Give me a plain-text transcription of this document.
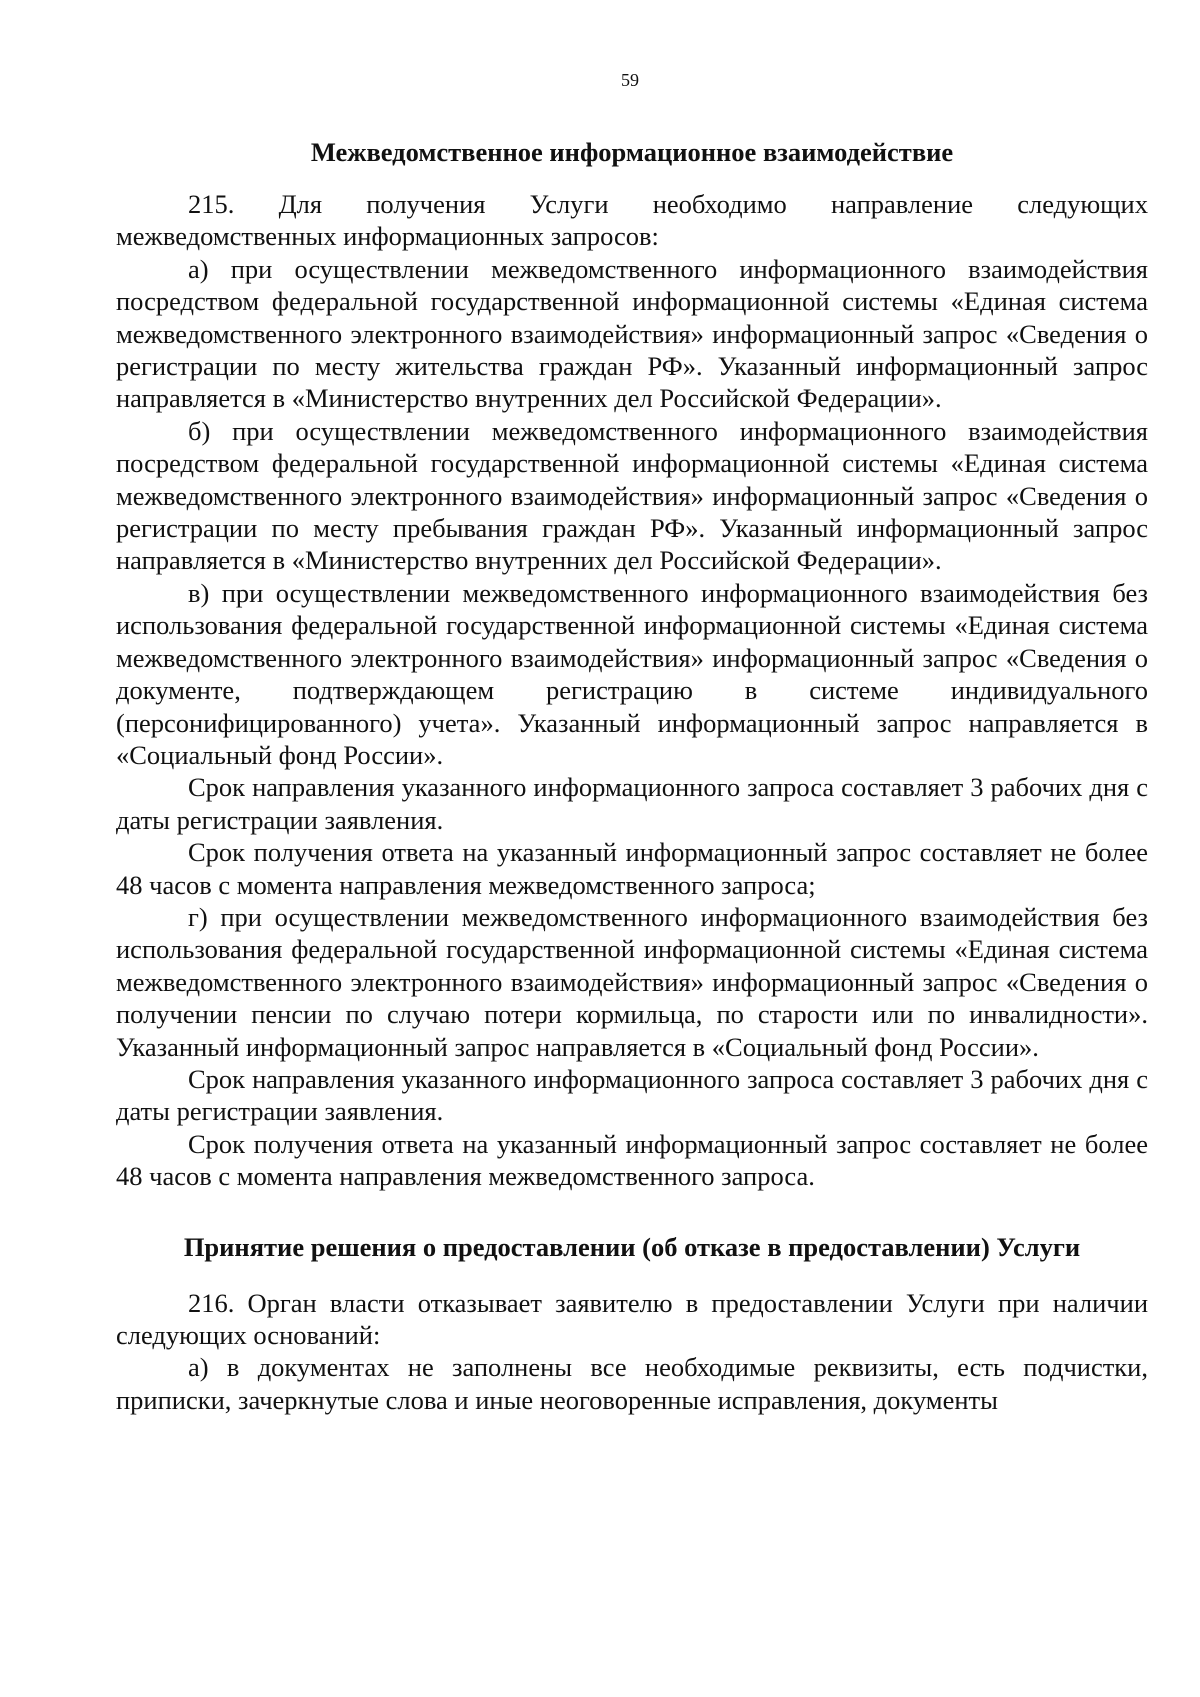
59
Межведомственное информационное взаимодействие

215. Для получения Услуги необходимо направление следующих межведомственных информационных запросов:

а) при осуществлении межведомственного информационного взаимодействия посредством федеральной государственной информационной системы «Единая система межведомственного электронного взаимодействия» информационный запрос «Сведения о регистрации по месту жительства граждан РФ». Указанный информационный запрос направляется в «Министерство внутренних дел Российской Федерации».

б) при осуществлении межведомственного информационного взаимодействия посредством федеральной государственной информационной системы «Единая система межведомственного электронного взаимодействия» информационный запрос «Сведения о регистрации по месту пребывания граждан РФ». Указанный информационный запрос направляется в «Министерство внутренних дел Российской Федерации».

в) при осуществлении межведомственного информационного взаимодействия без использования федеральной государственной информационной системы «Единая система межведомственного электронного взаимодействия» информационный запрос «Сведения о документе, подтверждающем регистрацию в системе индивидуального (персонифицированного) учета». Указанный информационный запрос направляется в «Социальный фонд России».

Срок направления указанного информационного запроса составляет 3 рабочих дня с даты регистрации заявления.

Срок получения ответа на указанный информационный запрос составляет не более 48 часов с момента направления межведомственного запроса;

г) при осуществлении межведомственного информационного взаимодействия без использования федеральной государственной информационной системы «Единая система межведомственного электронного взаимодействия» информационный запрос «Сведения о получении пенсии по случаю потери кормильца, по старости или по инвалидности». Указанный информационный запрос направляется в «Социальный фонд России».

Срок направления указанного информационного запроса составляет 3 рабочих дня с даты регистрации заявления.

Срок получения ответа на указанный информационный запрос составляет не более 48 часов с момента направления межведомственного запроса.

Принятие решения о предоставлении (об отказе в предоставлении) Услуги

216. Орган власти отказывает заявителю в предоставлении Услуги при наличии следующих оснований:

а) в документах не заполнены все необходимые реквизиты, есть подчистки, приписки, зачеркнутые слова и иные неоговоренные исправления, документы
